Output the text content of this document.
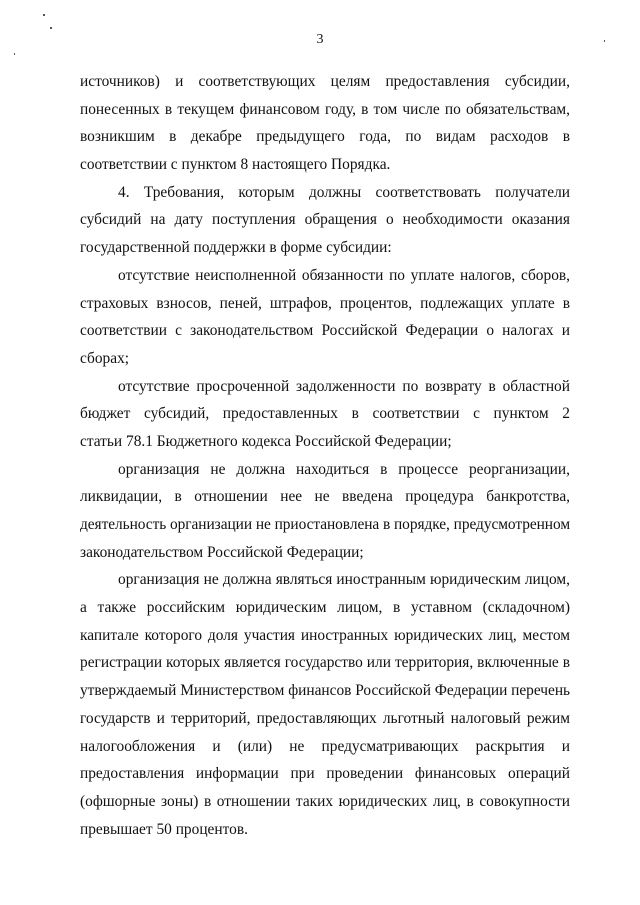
3
источников) и соответствующих целям предоставления субсидии,
понесенных в текущем финансовом году, в том числе по обязательствам,
возникшим в декабре предыдущего года, по видам расходов в
соответствии с пунктом 8 настоящего Порядка.
4. Требования, которым должны соответствовать получатели
субсидий на дату поступления обращения о необходимости оказания
государственной поддержки в форме субсидии:
отсутствие неисполненной обязанности по уплате налогов, сборов,
страховых взносов, пеней, штрафов, процентов, подлежащих уплате в
соответствии с законодательством Российской Федерации о налогах и
сборах;
отсутствие просроченной задолженности по возврату в областной
бюджет субсидий, предоставленных в соответствии с пунктом 2
статьи 78.1 Бюджетного кодекса Российской Федерации;
организация не должна находиться в процессе реорганизации,
ликвидации, в отношении нее не введена процедура банкротства,
деятельность организации не приостановлена в порядке, предусмотренном
законодательством Российской Федерации;
организация не должна являться иностранным юридическим лицом,
а также российским юридическим лицом, в уставном (складочном)
капитале которого доля участия иностранных юридических лиц, местом
регистрации которых является государство или территория, включенные в
утверждаемый Министерством финансов Российской Федерации перечень
государств и территорий, предоставляющих льготный налоговый режим
налогообложения и (или) не предусматривающих раскрытия и
предоставления информации при проведении финансовых операций
(офшорные зоны) в отношении таких юридических лиц, в совокупности
превышает 50 процентов.
